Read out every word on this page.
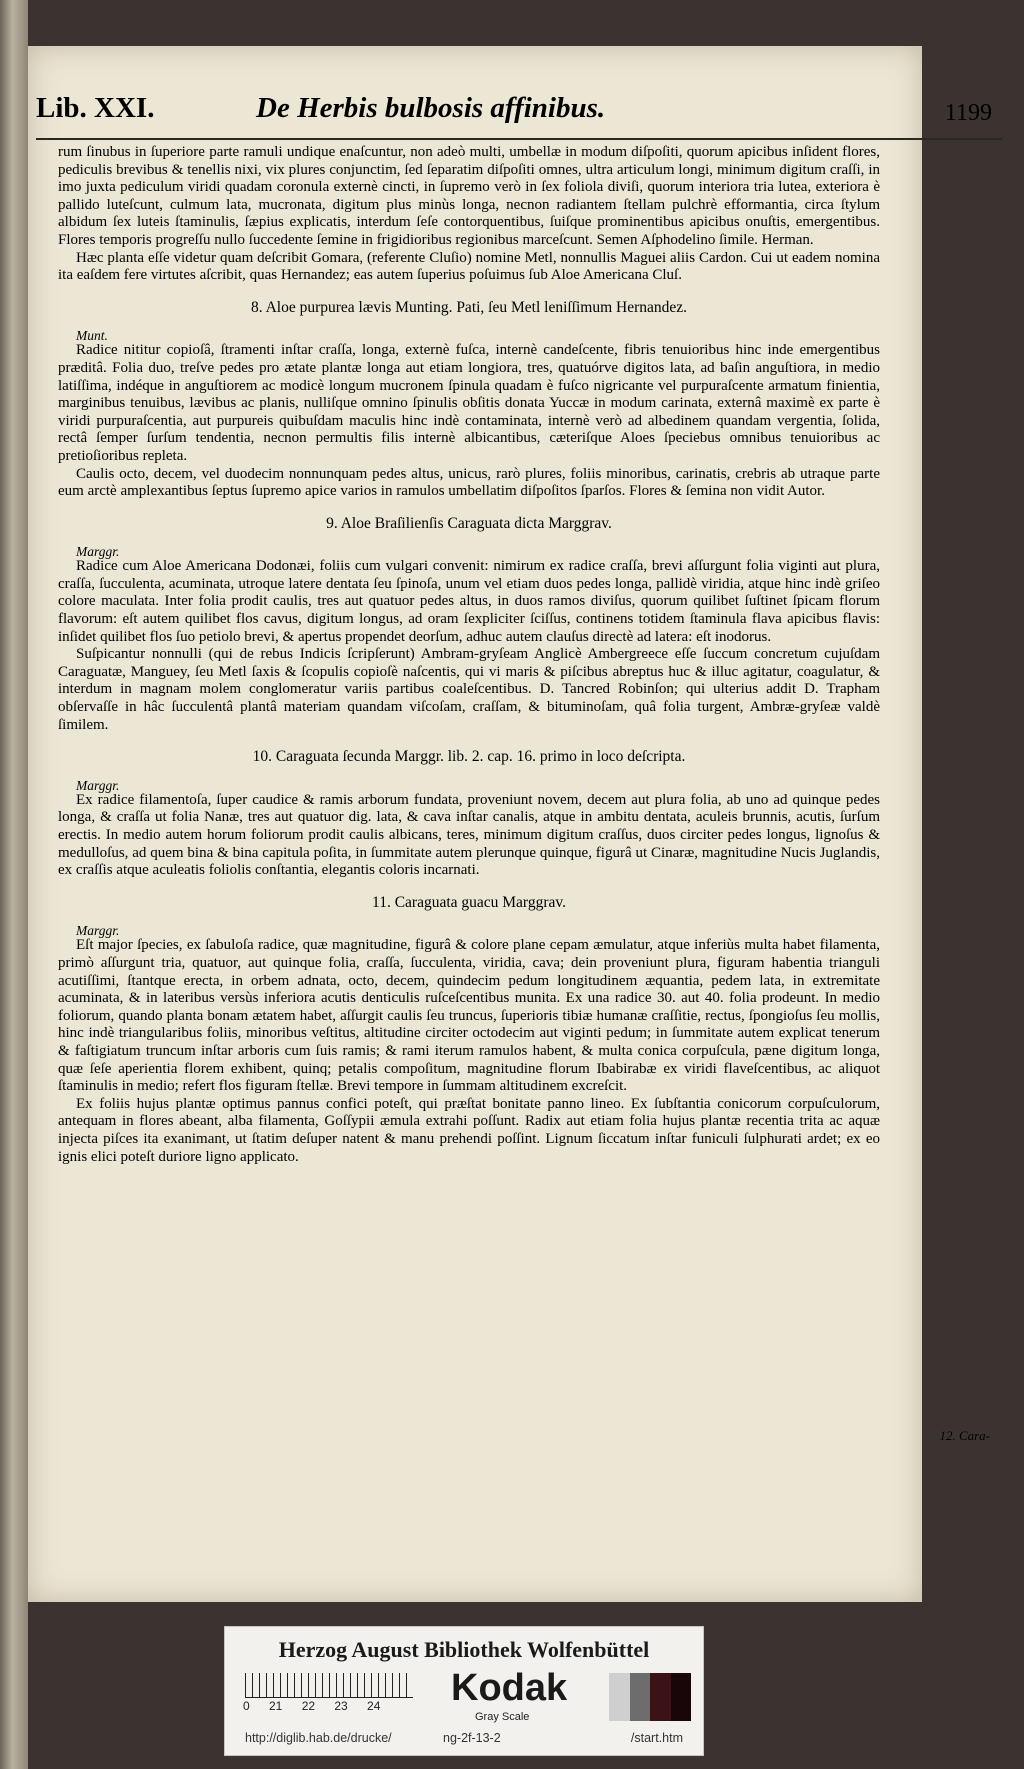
Lib. XXI.	De Herbis bulbosis affinibus.	1199

rum ſinubus in ſuperiore parte ramuli undique enaſcuntur, non adeò multi, umbellæ in modum diſpoſiti, quorum apicibus inſident flores, pediculis brevibus & tenellis nixi, vix plures conjunctim, ſed ſeparatim diſpoſiti omnes, ultra articulum longi, minimum digitum craſſi, in imo juxta pediculum viridi quadam coronula externè cincti, in ſupremo verò in ſex foliola diviſi, quorum interiora tria lutea, exteriora è pallido luteſcunt, culmum lata, mucronata, digitum plus minùs longa, necnon radiantem ſtellam pulchrè efformantia, circa ſtylum albidum ſex luteis ſtaminulis, ſæpius explicatis, interdum ſeſe contorquentibus, ſuiſque prominentibus apicibus onuſtis, emergentibus. Flores temporis progreſſu nullo ſuccedente ſemine in frigidioribus regionibus marceſcunt. Semen Aſphodelino ſimile. Herman.

Hæc planta eſſe videtur quam deſcribit Gomara, (referente Cluſio) nomine Metl, nonnullis Maguei aliis Cardon. Cui ut eadem nomina ita eaſdem fere virtutes aſcribit, quas Hernandez; eas autem ſuperius poſuimus ſub Aloe Americana Cluſ.

8. Aloe purpurea lævis Munting. Pati, ſeu Metl leniſſimum Hernandez.
Munt.

Radice nititur copioſâ, ſtramenti inſtar craſſa, longa, externè fuſca, internè candeſcente, fibris tenuioribus hinc inde emergentibus præditâ. Folia duo, treſve pedes pro ætate plantæ longa aut etiam longiora, tres, quatuórve digitos lata, ad baſin anguſtiora, in medio latiſſima, indéque in anguſtiorem ac modicè longum mucronem ſpinula quadam è fuſco nigricante vel purpuraſcente armatum finientia, marginibus tenuibus, lævibus ac planis, nulliſque omnino ſpinulis obſitis donata Yuccæ in modum carinata, externâ maximè ex parte è viridi purpuraſcentia, aut purpureis quibuſdam maculis hinc indè contaminata, internè verò ad albedinem quandam vergentia, ſolida, rectâ ſemper ſurſum tendentia, necnon permultis filis internè albicantibus, cæteriſque Aloes ſpeciebus omnibus tenuioribus ac pretioſioribus repleta.

Caulis octo, decem, vel duodecim nonnunquam pedes altus, unicus, rarò plures, foliis minoribus, carinatis, crebris ab utraque parte eum arctè amplexantibus ſeptus ſupremo apice varios in ramulos umbellatim diſpoſitos ſparſos. Flores & ſemina non vidit Autor.

9. Aloe Braſilienſis Caraguata dicta Marggrav.
Marggr.

Radice cum Aloe Americana Dodonæi, foliis cum vulgari convenit: nimirum ex radice craſſa, brevi aſſurgunt folia viginti aut plura, craſſa, ſucculenta, acuminata, utroque latere dentata ſeu ſpinoſa, unum vel etiam duos pedes longa, pallidè viridia, atque hinc indè griſeo colore maculata. Inter folia prodit caulis, tres aut quatuor pedes altus, in duos ramos diviſus, quorum quilibet ſuſtinet ſpicam florum flavorum: eſt autem quilibet flos cavus, digitum longus, ad oram ſexpliciter ſciſſus, continens totidem ſtaminula flava apicibus flavis: inſidet quilibet flos ſuo petiolo brevi, & apertus propendet deorſum, adhuc autem clauſus directè ad latera: eſt inodorus.

Suſpicantur nonnulli (qui de rebus Indicis ſcripſerunt) Ambram-gryſeam Anglicè Ambergreece eſſe ſuccum concretum cujuſdam Caraguatæ, Manguey, ſeu Metl ſaxis & ſcopulis copioſè naſcentis, qui vi maris & piſcibus abreptus huc & illuc agitatur, coagulatur, & interdum in magnam molem conglomeratur variis partibus coaleſcentibus. D. Tancred Robinſon; qui ulterius addit D. Trapham obſervaſſe in hâc ſucculentâ plantâ materiam quandam viſcoſam, craſſam, & bituminoſam, quâ folia turgent, Ambræ-gryſeæ valdè ſimilem.

10. Caraguata ſecunda Marggr. lib. 2. cap. 16. primo in loco deſcripta.
Marggr.

Ex radice filamentoſa, ſuper caudice & ramis arborum fundata, proveniunt novem, decem aut plura folia, ab uno ad quinque pedes longa, & craſſa ut folia Nanæ, tres aut quatuor dig. lata, & cava inſtar canalis, atque in ambitu dentata, aculeis brunnis, acutis, ſurſum erectis. In medio autem horum foliorum prodit caulis albicans, teres, minimum digitum craſſus, duos circiter pedes longus, lignoſus & medulloſus, ad quem bina & bina capitula poſita, in ſummitate autem plerunque quinque, figurâ ut Cinaræ, magnitudine Nucis Juglandis, ex craſſis atque aculeatis foliolis conſtantia, elegantis coloris incarnati.

11. Caraguata guacu Marggrav.
Marggr.

Eſt major ſpecies, ex ſabuloſa radice, quæ magnitudine, figurâ & colore plane cepam æmulatur, atque inferiùs multa habet filamenta, primò aſſurgunt tria, quatuor, aut quinque folia, craſſa, ſucculenta, viridia, cava; dein proveniunt plura, figuram habentia trianguli acutiſſimi, ſtantque erecta, in orbem adnata, octo, decem, quindecim pedum longitudinem æquantia, pedem lata, in extremitate acuminata, & in lateribus versùs inferiora acutis denticulis ruſceſcentibus munita. Ex una radice 30. aut 40. folia prodeunt. In medio foliorum, quando planta bonam ætatem habet, aſſurgit caulis ſeu truncus, ſuperioris tibiæ humanæ craſſitie, rectus, ſpongioſus ſeu mollis, hinc indè triangularibus foliis, minoribus veſtitus, altitudine circiter octodecim aut viginti pedum; in ſummitate autem explicat tenerum & faſtigiatum truncum inſtar arboris cum ſuis ramis; & rami iterum ramulos habent, & multa conica corpuſcula, pæne digitum longa, quæ ſeſe aperientia florem exhibent, quinq; petalis compoſitum, magnitudine florum Ibabirabæ ex viridi flaveſcentibus, ac aliquot ſtaminulis in medio; refert flos figuram ſtellæ. Brevi tempore in ſummam altitudinem excreſcit.

Ex foliis hujus plantæ optimus pannus confici poteſt, qui præſtat bonitate panno lineo. Ex ſubſtantia conicorum corpuſculorum, antequam in flores abeant, alba filamenta, Goſſypii æmula extrahi poſſunt. Radix aut etiam folia hujus plantæ recentia trita ac aquæ injecta piſces ita exanimant, ut ſtatim deſuper natent & manu prehendi poſſint. Lignum ſiccatum inſtar funiculi ſulphurati ardet; ex eo ignis elici poteſt duriore ligno applicato.

12. Cara-
Herzog August Bibliothek Wolfenbüttel
0 21 22 23 24	Kodak
Gray Scale
http://diglib.hab.de/drucke/	ng-2f-13-2	/start.htm
